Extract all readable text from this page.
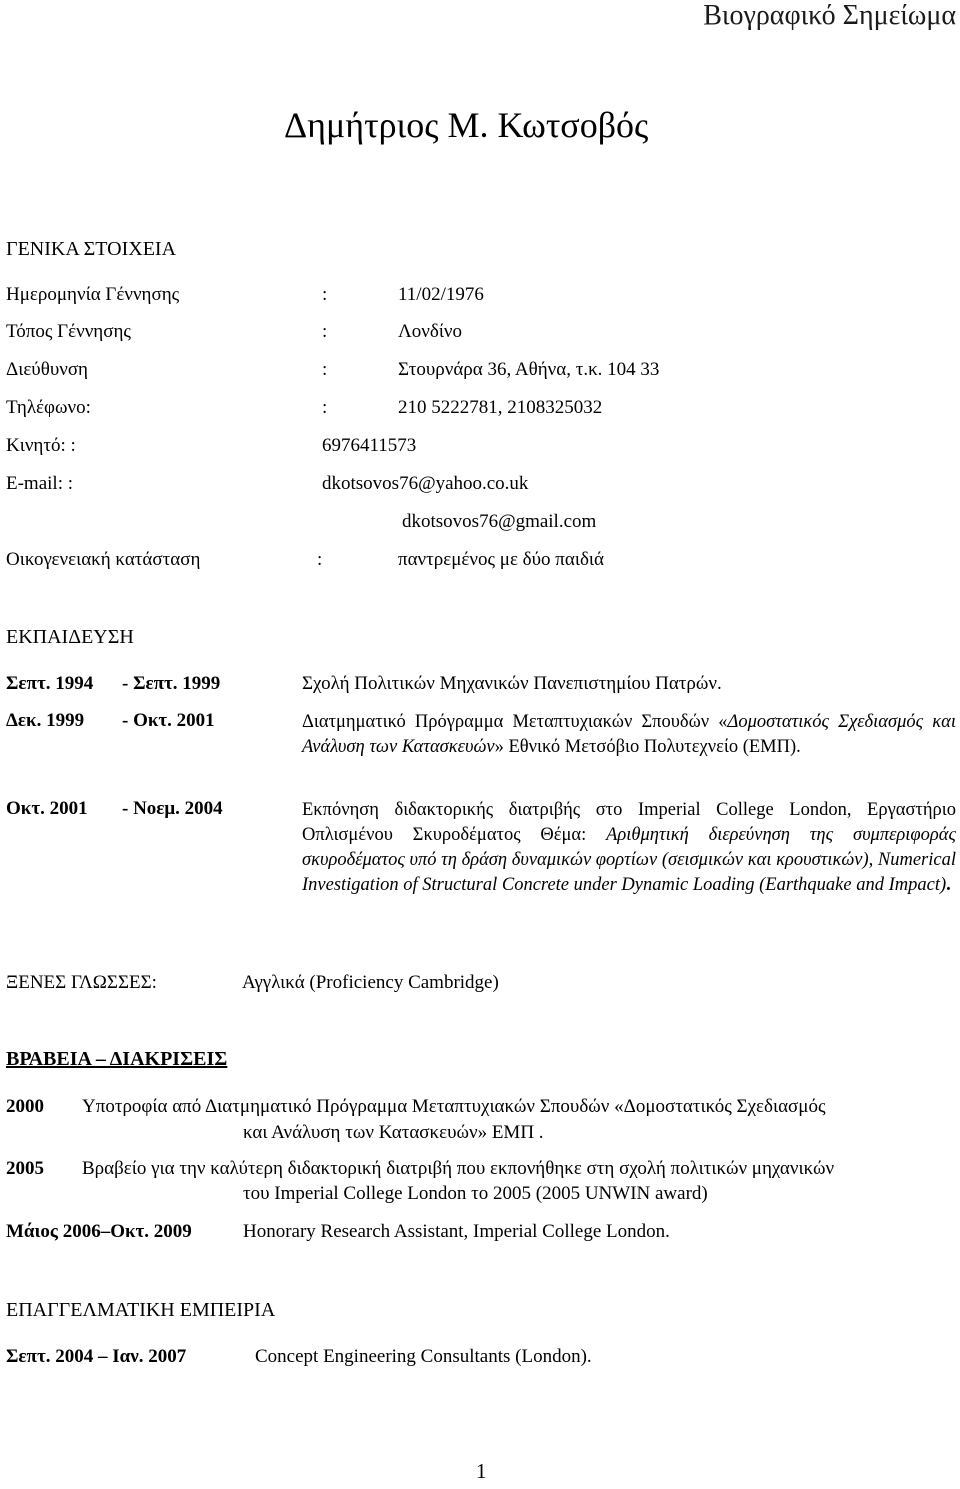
Βιογραφικό Σημείωμα
Δημήτριος Μ. Κωτσοβός
ΓΕΝΙΚΑ ΣΤΟΙΧΕΙΑ
Ημερομηνία Γέννησης	:	11/02/1976
Τόπος Γέννησης	:	Λονδίνο
Διεύθυνση	:	Στουρνάρα 36, Αθήνα, τ.κ. 104 33
Τηλέφωνο:	:	210 5222781, 2108325032
Κινητό: :	6976411573
E-mail: :	dkotsovos76@yahoo.co.uk
dkotsovos76@gmail.com
Οικογενειακή κατάσταση	:	παντρεμένος με δύο παιδιά
ΕΚΠΑΙΔΕΥΣΗ
Σεπτ. 1994 - Σεπτ. 1999	Σχολή Πολιτικών Μηχανικών Πανεπιστημίου Πατρών.
Δεκ. 1999 - Οκτ. 2001	Διατμηματικό Πρόγραμμα Μεταπτυχιακών Σπουδών «Δομοστατικός Σχεδιασμός και Ανάλυση των Κατασκευών» Εθνικό Μετσόβιο Πολυτεχνείο (ΕΜΠ).
Οκτ. 2001 - Νοεμ. 2004	Εκπόνηση διδακτορικής διατριβής στο Imperial College London, Εργαστήριο Οπλισμένου Σκυροδέματος Θέμα: Αριθμητική διερεύνηση της συμπεριφοράς σκυροδέματος υπό τη δράση δυναμικών φορτίων (σεισμικών και κρουστικών), Numerical Investigation of Structural Concrete under Dynamic Loading (Earthquake and Impact).
ΞΕΝΕΣ ΓΛΩΣΣΕΣ:	Αγγλικά (Proficiency Cambridge)
ΒΡΑΒΕΙΑ – ΔΙΑΚΡΙΣΕΙΣ
2000 Υποτροφία από Διατμηματικό Πρόγραμμα Μεταπτυχιακών Σπουδών «Δομοστατικός Σχεδιασμός
και Ανάλυση των Κατασκευών» ΕΜΠ .
2005 Βραβείο για την καλύτερη διδακτορική διατριβή που εκπονήθηκε στη σχολή πολιτικών μηχανικών
του Imperial College London το 2005 (2005 UNWIN award)
Μάιος 2006–Οκτ. 2009	Honorary Research Assistant, Imperial College London.
ΕΠΑΓΓΕΛΜΑΤΙΚΗ ΕΜΠΕΙΡΙΑ
Σεπτ. 2004 – Ιαν. 2007	Concept Engineering Consultants (London).
1
